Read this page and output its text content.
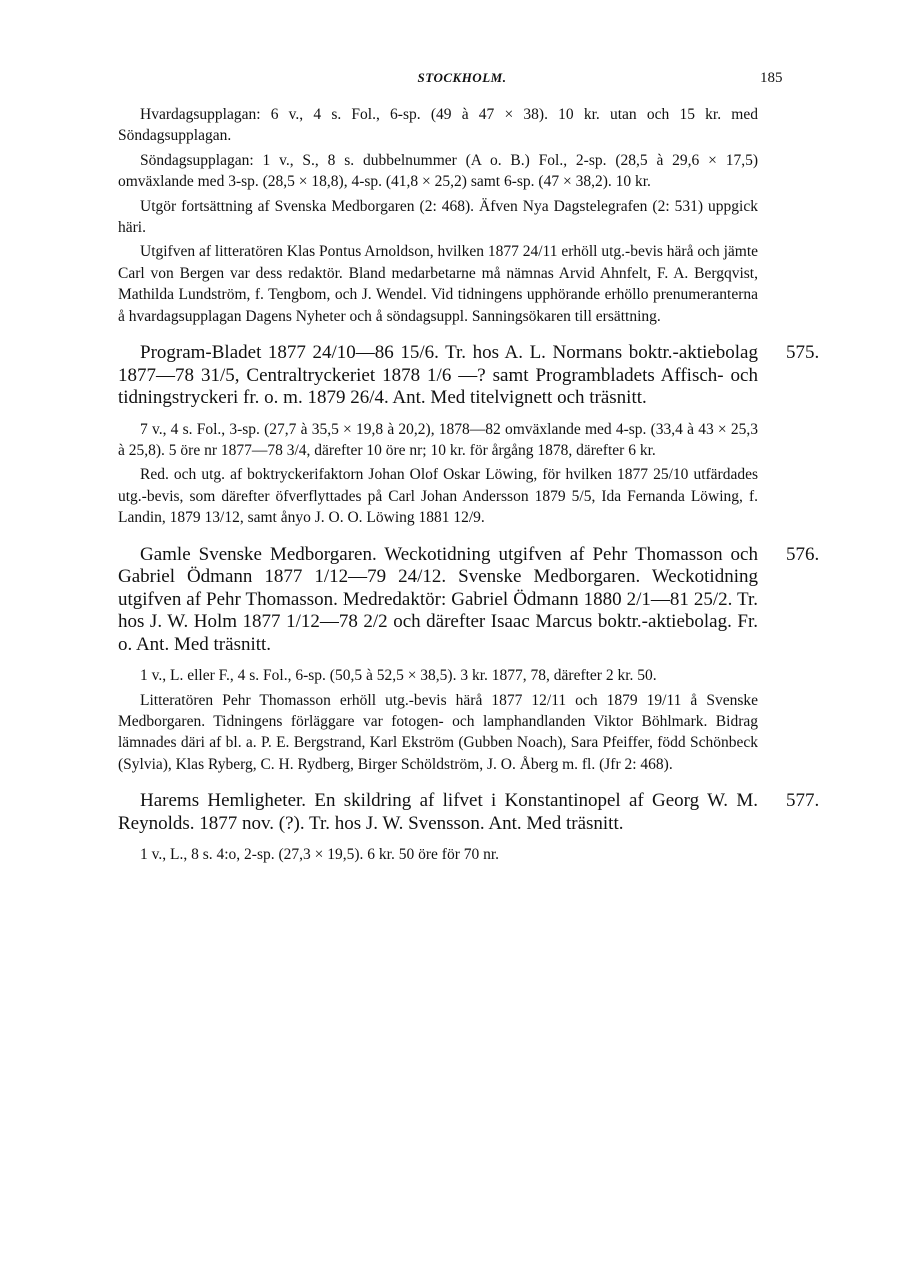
STOCKHOLM.	185

Hvardagsupplagan: 6 v., 4 s. Fol., 6-sp. (49 à 47 × 38). 10 kr. utan och 15 kr. med Söndagsupplagan.

Söndagsupplagan: 1 v., S., 8 s. dubbelnummer (A o. B.) Fol., 2-sp. (28,5 à 29,6 × 17,5) omväxlande med 3-sp. (28,5 × 18,8), 4-sp. (41,8 × 25,2) samt 6-sp. (47 × 38,2). 10 kr.

Utgör fortsättning af Svenska Medborgaren (2: 468). Äfven Nya Dagstelegrafen (2: 531) uppgick häri.

Utgifven af litteratören Klas Pontus Arnoldson, hvilken 1877 24/11 erhöll utg.-bevis härå och jämte Carl von Bergen var dess redaktör. Bland medarbetarne må nämnas Arvid Ahnfelt, F. A. Bergqvist, Mathilda Lundström, f. Tengbom, och J. Wendel. Vid tidningens upphörande erhöllo prenumeranterna å hvardagsupplagan Dagens Nyheter och å söndagsuppl. Sanningsökaren till ersättning.

575.

Program-Bladet 1877 24/10—86 15/6. Tr. hos A. L. Normans boktr.-aktiebolag 1877—78 31/5, Centraltryckeriet 1878 1/6 —? samt Programbladets Affisch- och tidningstryckeri fr. o. m. 1879 26/4. Ant. Med titelvignett och träsnitt.

7 v., 4 s. Fol., 3-sp. (27,7 à 35,5 × 19,8 à 20,2), 1878—82 omväxlande med 4-sp. (33,4 à 43 × 25,3 à 25,8). 5 öre nr 1877—78 3/4, därefter 10 öre nr; 10 kr. för årgång 1878, därefter 6 kr.

Red. och utg. af boktryckerifaktorn Johan Olof Oskar Löwing, för hvilken 1877 25/10 utfärdades utg.-bevis, som därefter öfverflyttades på Carl Johan Andersson 1879 5/5, Ida Fernanda Löwing, f. Landin, 1879 13/12, samt ånyo J. O. O. Löwing 1881 12/9.

576.

Gamle Svenske Medborgaren. Weckotidning utgifven af Pehr Thomasson och Gabriel Ödmann 1877 1/12—79 24/12. Svenske Medborgaren. Weckotidning utgifven af Pehr Thomasson. Medredaktör: Gabriel Ödmann 1880 2/1—81 25/2. Tr. hos J. W. Holm 1877 1/12—78 2/2 och därefter Isaac Marcus boktr.-aktiebolag. Fr. o. Ant. Med träsnitt.

1 v., L. eller F., 4 s. Fol., 6-sp. (50,5 à 52,5 × 38,5). 3 kr. 1877, 78, därefter 2 kr. 50.

Litteratören Pehr Thomasson erhöll utg.-bevis härå 1877 12/11 och 1879 19/11 å Svenske Medborgaren. Tidningens förläggare var fotogen- och lamphandlanden Viktor Böhlmark. Bidrag lämnades däri af bl. a. P. E. Bergstrand, Karl Ekström (Gubben Noach), Sara Pfeiffer, född Schönbeck (Sylvia), Klas Ryberg, C. H. Rydberg, Birger Schöldström, J. O. Åberg m. fl. (Jfr 2: 468).

577.

Harems Hemligheter. En skildring af lifvet i Konstantinopel af Georg W. M. Reynolds. 1877 nov. (?). Tr. hos J. W. Svensson. Ant. Med träsnitt.

1 v., L., 8 s. 4:o, 2-sp. (27,3 × 19,5). 6 kr. 50 öre för 70 nr.
